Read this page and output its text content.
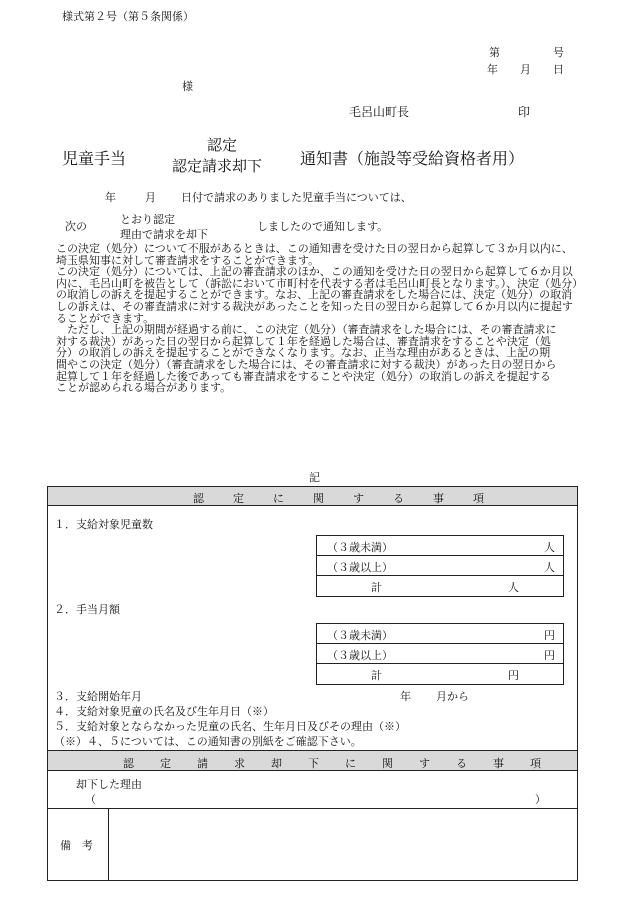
様式第２号（第５条関係）
第	号
年 月 日
様
毛呂山町長	印
児童手当
認定
認定請求却下 通知書（施設等受給資格者用）
年	月 日付で請求のありました児童手当については、
次の
とおり認定
理由で請求を却下
しましたので通知します。

この決定（処分）について不服があるときは、この通知書を受けた日の翌日から起算して３か月以内に、埼玉県知事に対して審査請求をすることができます。

この決定（処分）については、上記の審査請求のほか、この通知を受けた日の翌日から起算して６か月以内に、毛呂山町を被告として（訴訟において市町村を代表する者は毛呂山町長となります。）、決定（処分）の取消しの訴えを提起することができます。なお、上記の審査請求をした場合には、決定（処分）の取消しの訴えは、その審査請求に対する裁決があったことを知った日の翌日から起算して６か月以内に提起することができます。

　ただし、上記の期間が経過する前に、この決定（処分）（審査請求をした場合には、その審査請求に対する裁決）があった日の翌日から起算して１年を経過した場合は、審査請求をすることや決定（処分）の取消しの訴えを提起することができなくなります。なお、正当な理由があるときは、上記の期間やこの決定（処分）（審査請求をした場合には、その審査請求に対する裁決）があった日の翌日から起算して１年を経過した後であっても審査請求をすることや決定（処分）の取消しの訴えを提起することが認められる場合があります。

記
認定に関する事項
１．支給対象児童数
（３歳未満）	人
（３歳以上）	人
計	人
２．手当月額
（３歳未満）	円
（３歳以上）	円
計	円
３．支給開始年月	年 月から
４．支給対象児童の氏名及び生年月日（※）
５．支給対象とならなかった児童の氏名、生年月日及びその理由（※）
（※）４、５については、この通知書の別紙をご確認下さい。
認定請求却下に関する事項
却下した理由
（	）
備　考
